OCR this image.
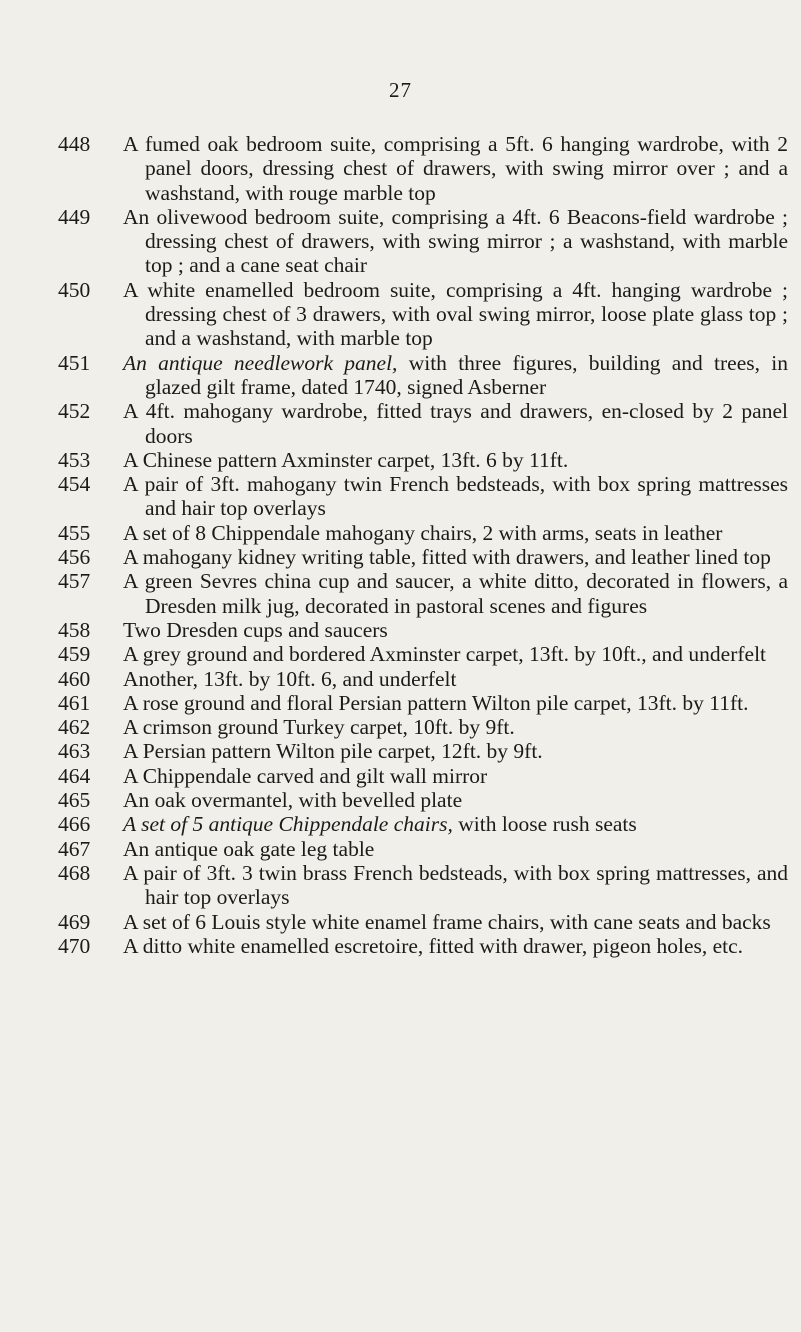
27
448	A fumed oak bedroom suite, comprising a 5ft. 6 hanging wardrobe, with 2 panel doors, dressing chest of drawers, with swing mirror over ; and a washstand, with rouge marble top
449	An olivewood bedroom suite, comprising a 4ft. 6 Beacons-field wardrobe ; dressing chest of drawers, with swing mirror ; a washstand, with marble top ; and a cane seat chair
450	A white enamelled bedroom suite, comprising a 4ft. hanging wardrobe ; dressing chest of 3 drawers, with oval swing mirror, loose plate glass top ; and a washstand, with marble top
451	An antique needlework panel, with three figures, building and trees, in glazed gilt frame, dated 1740, signed Asberner
452	A 4ft. mahogany wardrobe, fitted trays and drawers, en-closed by 2 panel doors
453	A Chinese pattern Axminster carpet, 13ft. 6 by 11ft.
454	A pair of 3ft. mahogany twin French bedsteads, with box spring mattresses and hair top overlays
455	A set of 8 Chippendale mahogany chairs, 2 with arms, seats in leather
456	A mahogany kidney writing table, fitted with drawers, and leather lined top
457	A green Sevres china cup and saucer, a white ditto, decorated in flowers, a Dresden milk jug, decorated in pastoral scenes and figures
458	Two Dresden cups and saucers
459	A grey ground and bordered Axminster carpet, 13ft. by 10ft., and underfelt
460	Another, 13ft. by 10ft. 6, and underfelt
461	A rose ground and floral Persian pattern Wilton pile carpet, 13ft. by 11ft.
462	A crimson ground Turkey carpet, 10ft. by 9ft.
463	A Persian pattern Wilton pile carpet, 12ft. by 9ft.
464	A Chippendale carved and gilt wall mirror
465	An oak overmantel, with bevelled plate
466	A set of 5 antique Chippendale chairs, with loose rush seats
467	An antique oak gate leg table
468	A pair of 3ft. 3 twin brass French bedsteads, with box spring mattresses, and hair top overlays
469	A set of 6 Louis style white enamel frame chairs, with cane seats and backs
470	A ditto white enamelled escretoire, fitted with drawer, pigeon holes, etc.
